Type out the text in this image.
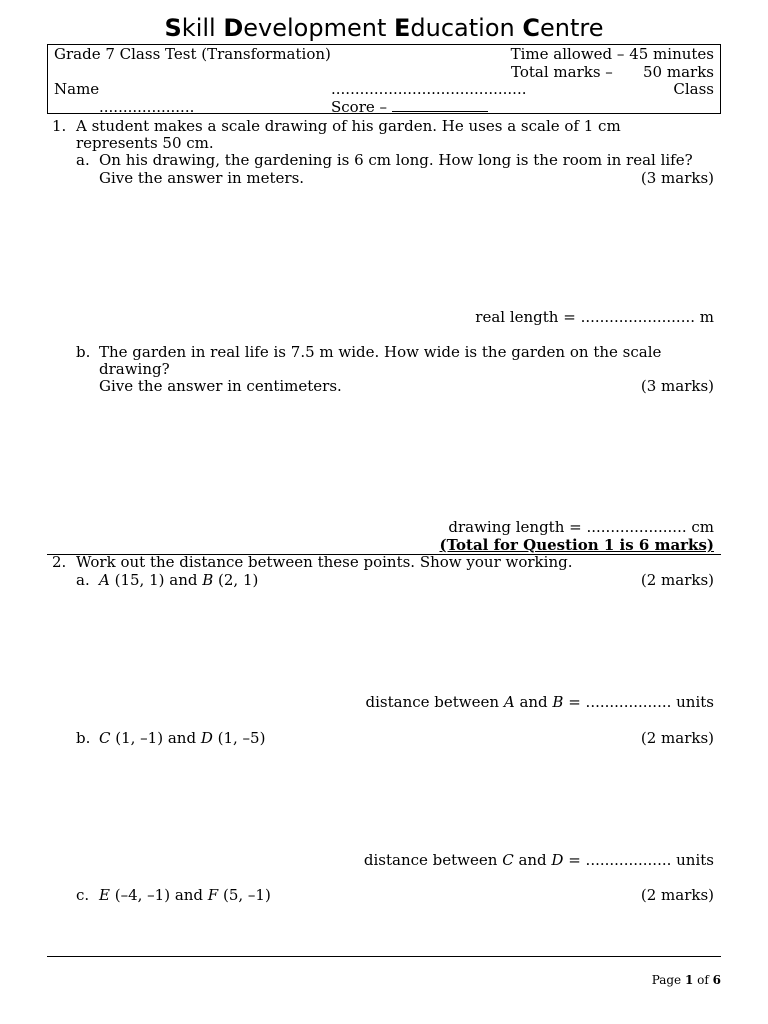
Skill Development Education Centre
Grade 7 Class Test (Transformation)	Time allowed – 45 minutes
Total marks – 50 marks
Name	.........................................	Class
....................	Score –
1. A student makes a scale drawing of his garden. He uses a scale of 1 cm
represents 50 cm.
a. On his drawing, the gardening is 6 cm long. How long is the room in real life?
Give the answer in meters.	(3 marks)
real length = ........................ m
b. The garden in real life is 7.5 m wide. How wide is the garden on the scale
drawing?
Give the answer in centimeters.	(3 marks)
drawing length = ..................... cm
(Total for Question 1 is 6 marks)
2. Work out the distance between these points. Show your working.
a. A (15, 1) and B (2, 1)	(2 marks)
distance between A and B = .................. units
b. C (1, –1) and D (1, –5)	(2 marks)
distance between C and D = .................. units
c. E (–4, –1) and F (5, –1)	(2 marks)
Page 1 of 6
